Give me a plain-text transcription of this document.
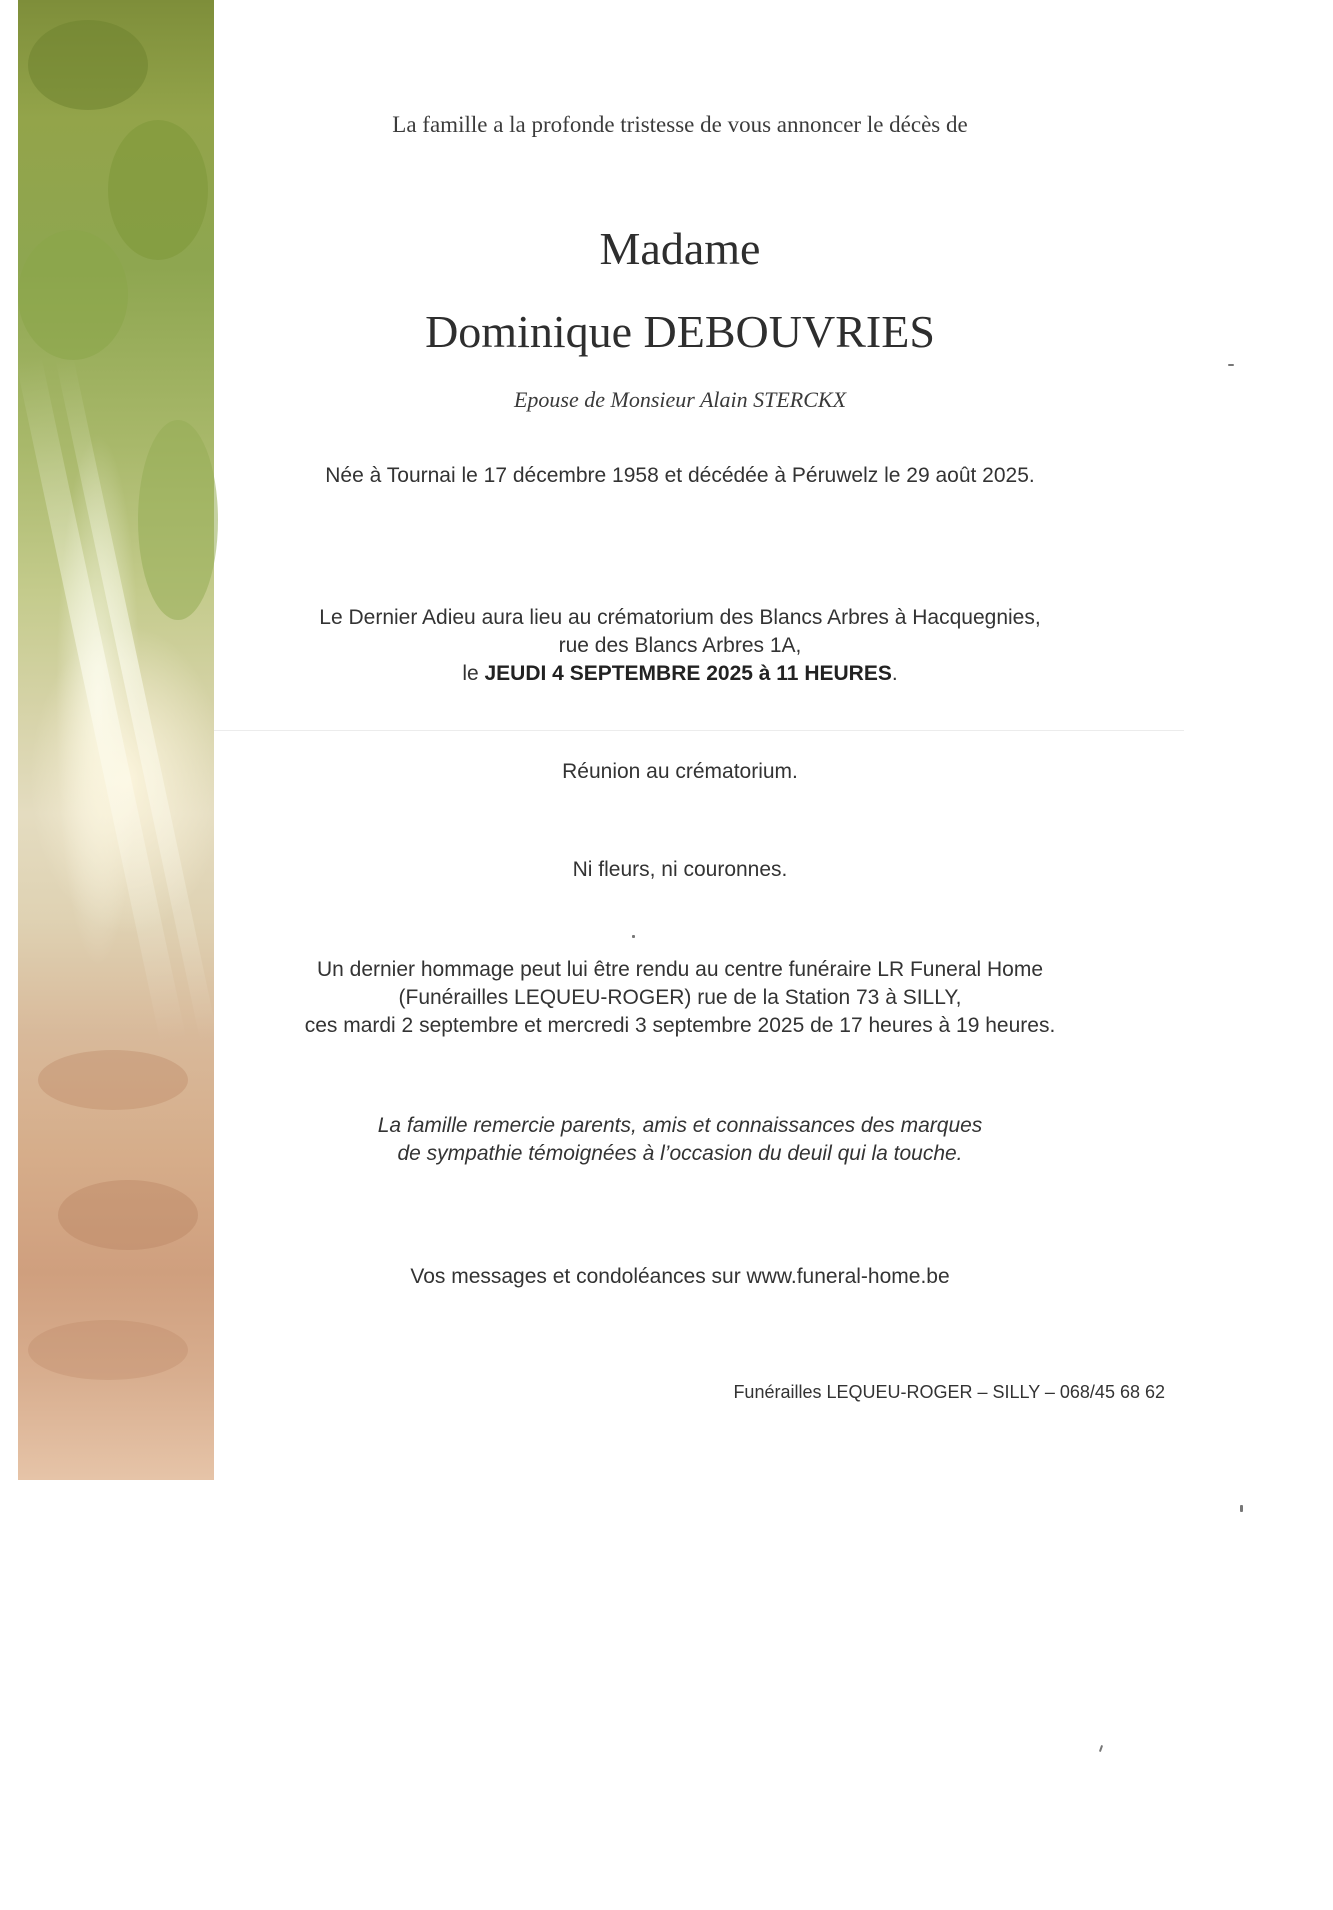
La famille a la profonde tristesse de vous annoncer le décès de
Madame
Dominique DEBOUVRIES
Epouse de Monsieur Alain STERCKX
Née à Tournai le 17 décembre 1958 et décédée à Péruwelz le 29 août 2025.
Le Dernier Adieu aura lieu au crématorium des Blancs Arbres à Hacquegnies,
rue des Blancs Arbres 1A,
le JEUDI 4 SEPTEMBRE 2025 à 11 HEURES.
Réunion au crématorium.
Ni fleurs, ni couronnes.
Un dernier hommage peut lui être rendu au centre funéraire LR Funeral Home
(Funérailles LEQUEU-ROGER) rue de la Station 73 à SILLY,
ces mardi 2 septembre et mercredi 3 septembre 2025 de 17 heures à 19 heures.
La famille remercie parents, amis et connaissances des marques
de sympathie témoignées à l’occasion du deuil qui la touche.
Vos messages et condoléances sur www.funeral-home.be
Funérailles LEQUEU-ROGER – SILLY – 068/45 68 62
